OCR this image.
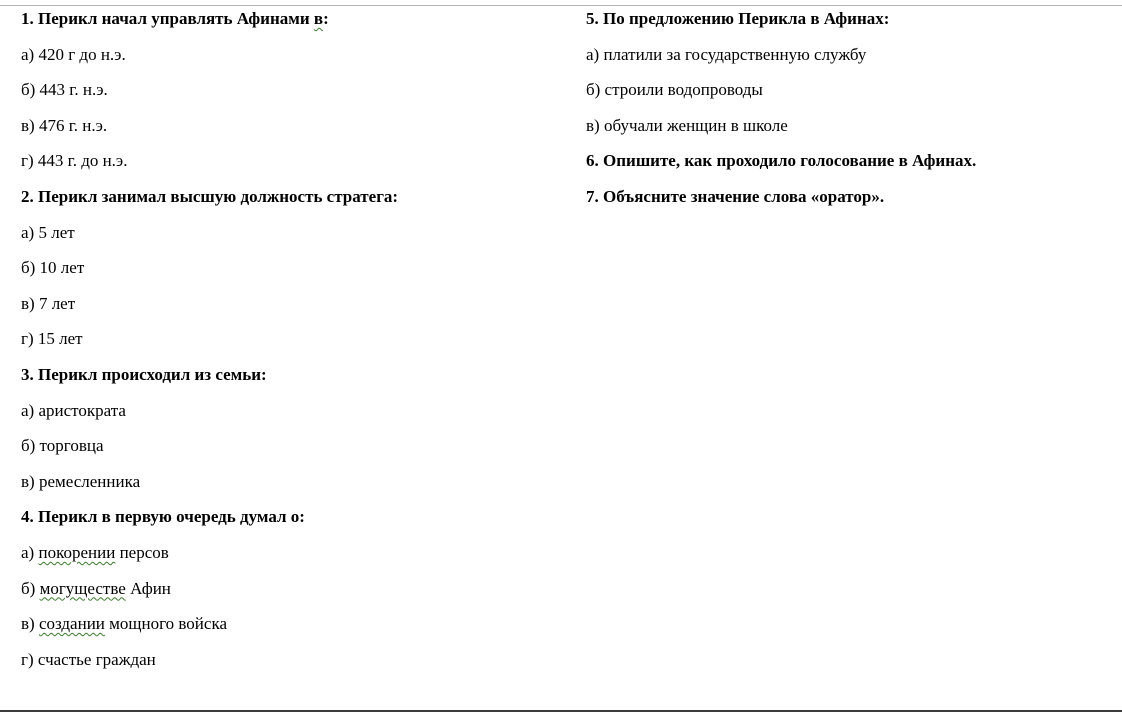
1. Перикл начал управлять Афинами в:
а) 420 г до н.э.
б) 443 г. н.э.
в) 476 г. н.э.
г) 443 г. до н.э.
2. Перикл занимал высшую должность стратега:
а) 5 лет
б) 10 лет
в) 7 лет
г) 15 лет
3. Перикл происходил из семьи:
а) аристократа
б) торговца
в) ремесленника
4. Перикл в первую очередь думал о:
а) покорении персов
б) могуществе Афин
в) создании мощного войска
г) счастье граждан
5. По предложению Перикла в Афинах:
а) платили за государственную службу
б) строили водопроводы
в) обучали женщин в школе
6. Опишите, как проходило голосование в Афинах.
7. Объясните значение слова «оратор».
